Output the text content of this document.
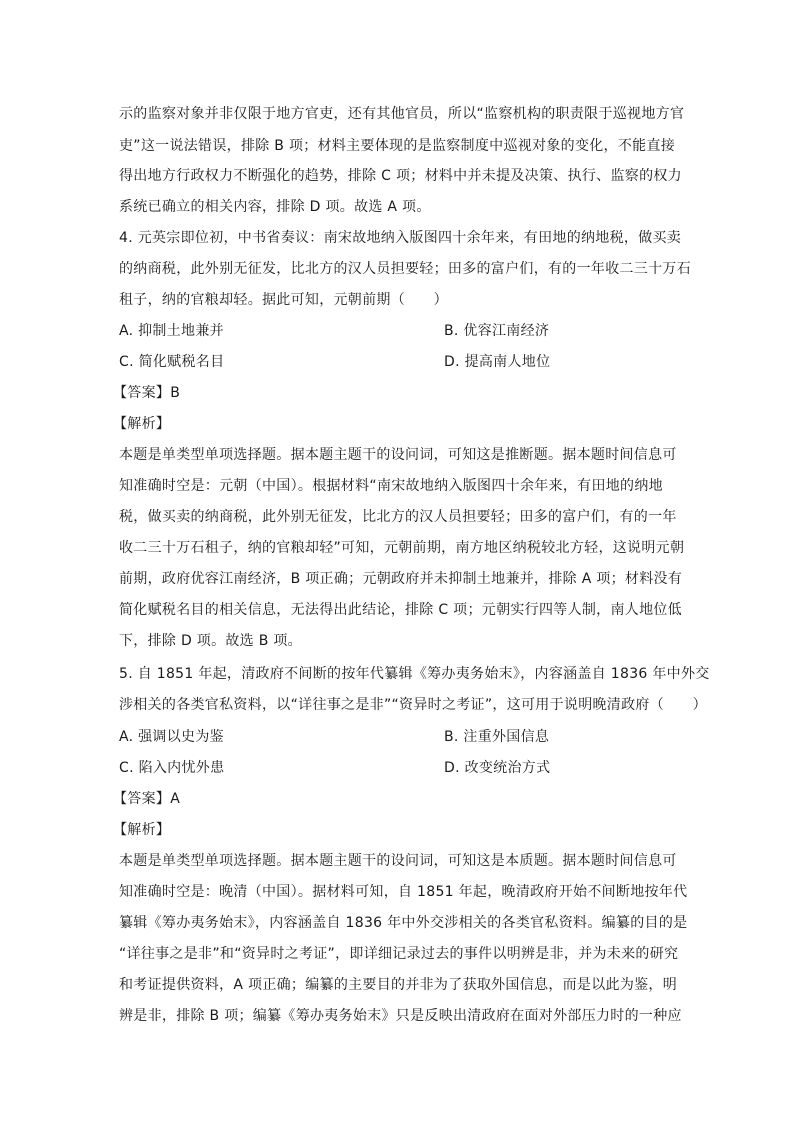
示的监察对象并非仅限于地方官吏，还有其他官员，所以“监察机构的职责限于巡视地方官
吏”这一说法错误，排除 B 项；材料主要体现的是监察制度中巡视对象的变化，不能直接
得出地方行政权力不断强化的趋势，排除 C 项；材料中并未提及决策、执行、监察的权力
系统已确立的相关内容，排除 D 项。故选 A 项。
4. 元英宗即位初，中书省奏议：南宋故地纳入版图四十余年来，有田地的纳地税，做买卖
的纳商税，此外别无征发，比北方的汉人员担要轻；田多的富户们，有的一年收二三十万石
租子，纳的官粮却轻。据此可知，元朝前期（　　）
A. 抑制土地兼并	B. 优容江南经济
C. 简化赋税名目	D. 提高南人地位
【答案】B
【解析】
本题是单类型单项选择题。据本题主题干的设问词，可知这是推断题。据本题时间信息可
知准确时空是：元朝（中国）。根据材料“南宋故地纳入版图四十余年来，有田地的纳地
税，做买卖的纳商税，此外别无征发，比北方的汉人员担要轻；田多的富户们，有的一年
收二三十万石租子，纳的官粮却轻”可知，元朝前期，南方地区纳税较北方轻，这说明元朝
前期，政府优容江南经济，B 项正确；元朝政府并未抑制土地兼并，排除 A 项；材料没有
简化赋税名目的相关信息，无法得出此结论，排除 C 项；元朝实行四等人制，南人地位低
下，排除 D 项。故选 B 项。
5. 自 1851 年起，清政府不间断的按年代纂辑《筹办夷务始末》，内容涵盖自 1836 年中外交
涉相关的各类官私资料，以“详往事之是非”“资异时之考证”，这可用于说明晚清政府（　　）
A. 强调以史为鉴	B. 注重外国信息
C. 陷入内忧外患	D. 改变统治方式
【答案】A
【解析】
本题是单类型单项选择题。据本题主题干的设问词，可知这是本质题。据本题时间信息可
知准确时空是：晚清（中国）。据材料可知，自 1851 年起，晚清政府开始不间断地按年代
纂辑《筹办夷务始末》，内容涵盖自 1836 年中外交涉相关的各类官私资料。编纂的目的是
“详往事之是非”和“资异时之考证”，即详细记录过去的事件以明辨是非，并为未来的研究
和考证提供资料，A 项正确；编纂的主要目的并非为了获取外国信息，而是以此为鉴，明
辨是非，排除 B 项；编纂《筹办夷务始末》只是反映出清政府在面对外部压力时的一种应
